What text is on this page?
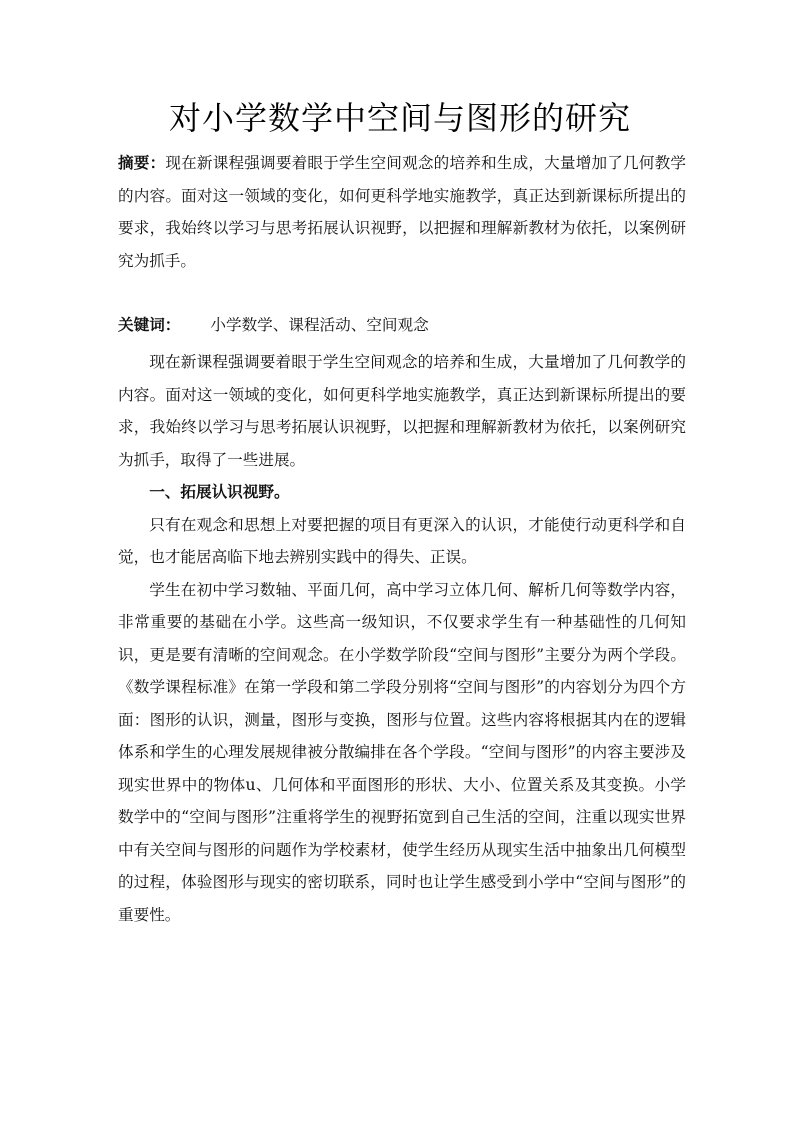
对小学数学中空间与图形的研究
摘要：现在新课程强调要着眼于学生空间观念的培养和生成，大量增加了几何教学的内容。面对这一领域的变化，如何更科学地实施教学，真正达到新课标所提出的要求，我始终以学习与思考拓展认识视野，以把握和理解新教材为依托，以案例研究为抓手。
关键词： 小学数学、课程活动、空间观念

现在新课程强调要着眼于学生空间观念的培养和生成，大量增加了几何教学的内容。面对这一领域的变化，如何更科学地实施教学，真正达到新课标所提出的要求，我始终以学习与思考拓展认识视野，以把握和理解新教材为依托，以案例研究为抓手，取得了一些进展。

一、拓展认识视野。

只有在观念和思想上对要把握的项目有更深入的认识，才能使行动更科学和自觉，也才能居高临下地去辨别实践中的得失、正误。

学生在初中学习数轴、平面几何，高中学习立体几何、解析几何等数学内容，非常重要的基础在小学。这些高一级知识，不仅要求学生有一种基础性的几何知识，更是要有清晰的空间观念。在小学数学阶段“空间与图形”主要分为两个学段。《数学课程标准》在第一学段和第二学段分别将“空间与图形”的内容划分为四个方面：图形的认识，测量，图形与变换，图形与位置。这些内容将根据其内在的逻辑体系和学生的心理发展规律被分散编排在各个学段。“空间与图形”的内容主要涉及现实世界中的物体u、几何体和平面图形的形状、大小、位置关系及其变换。小学数学中的“空间与图形”注重将学生的视野拓宽到自己生活的空间，注重以现实世界中有关空间与图形的问题作为学校素材，使学生经历从现实生活中抽象出几何模型的过程，体验图形与现实的密切联系，同时也让学生感受到小学中“空间与图形”的重要性。
